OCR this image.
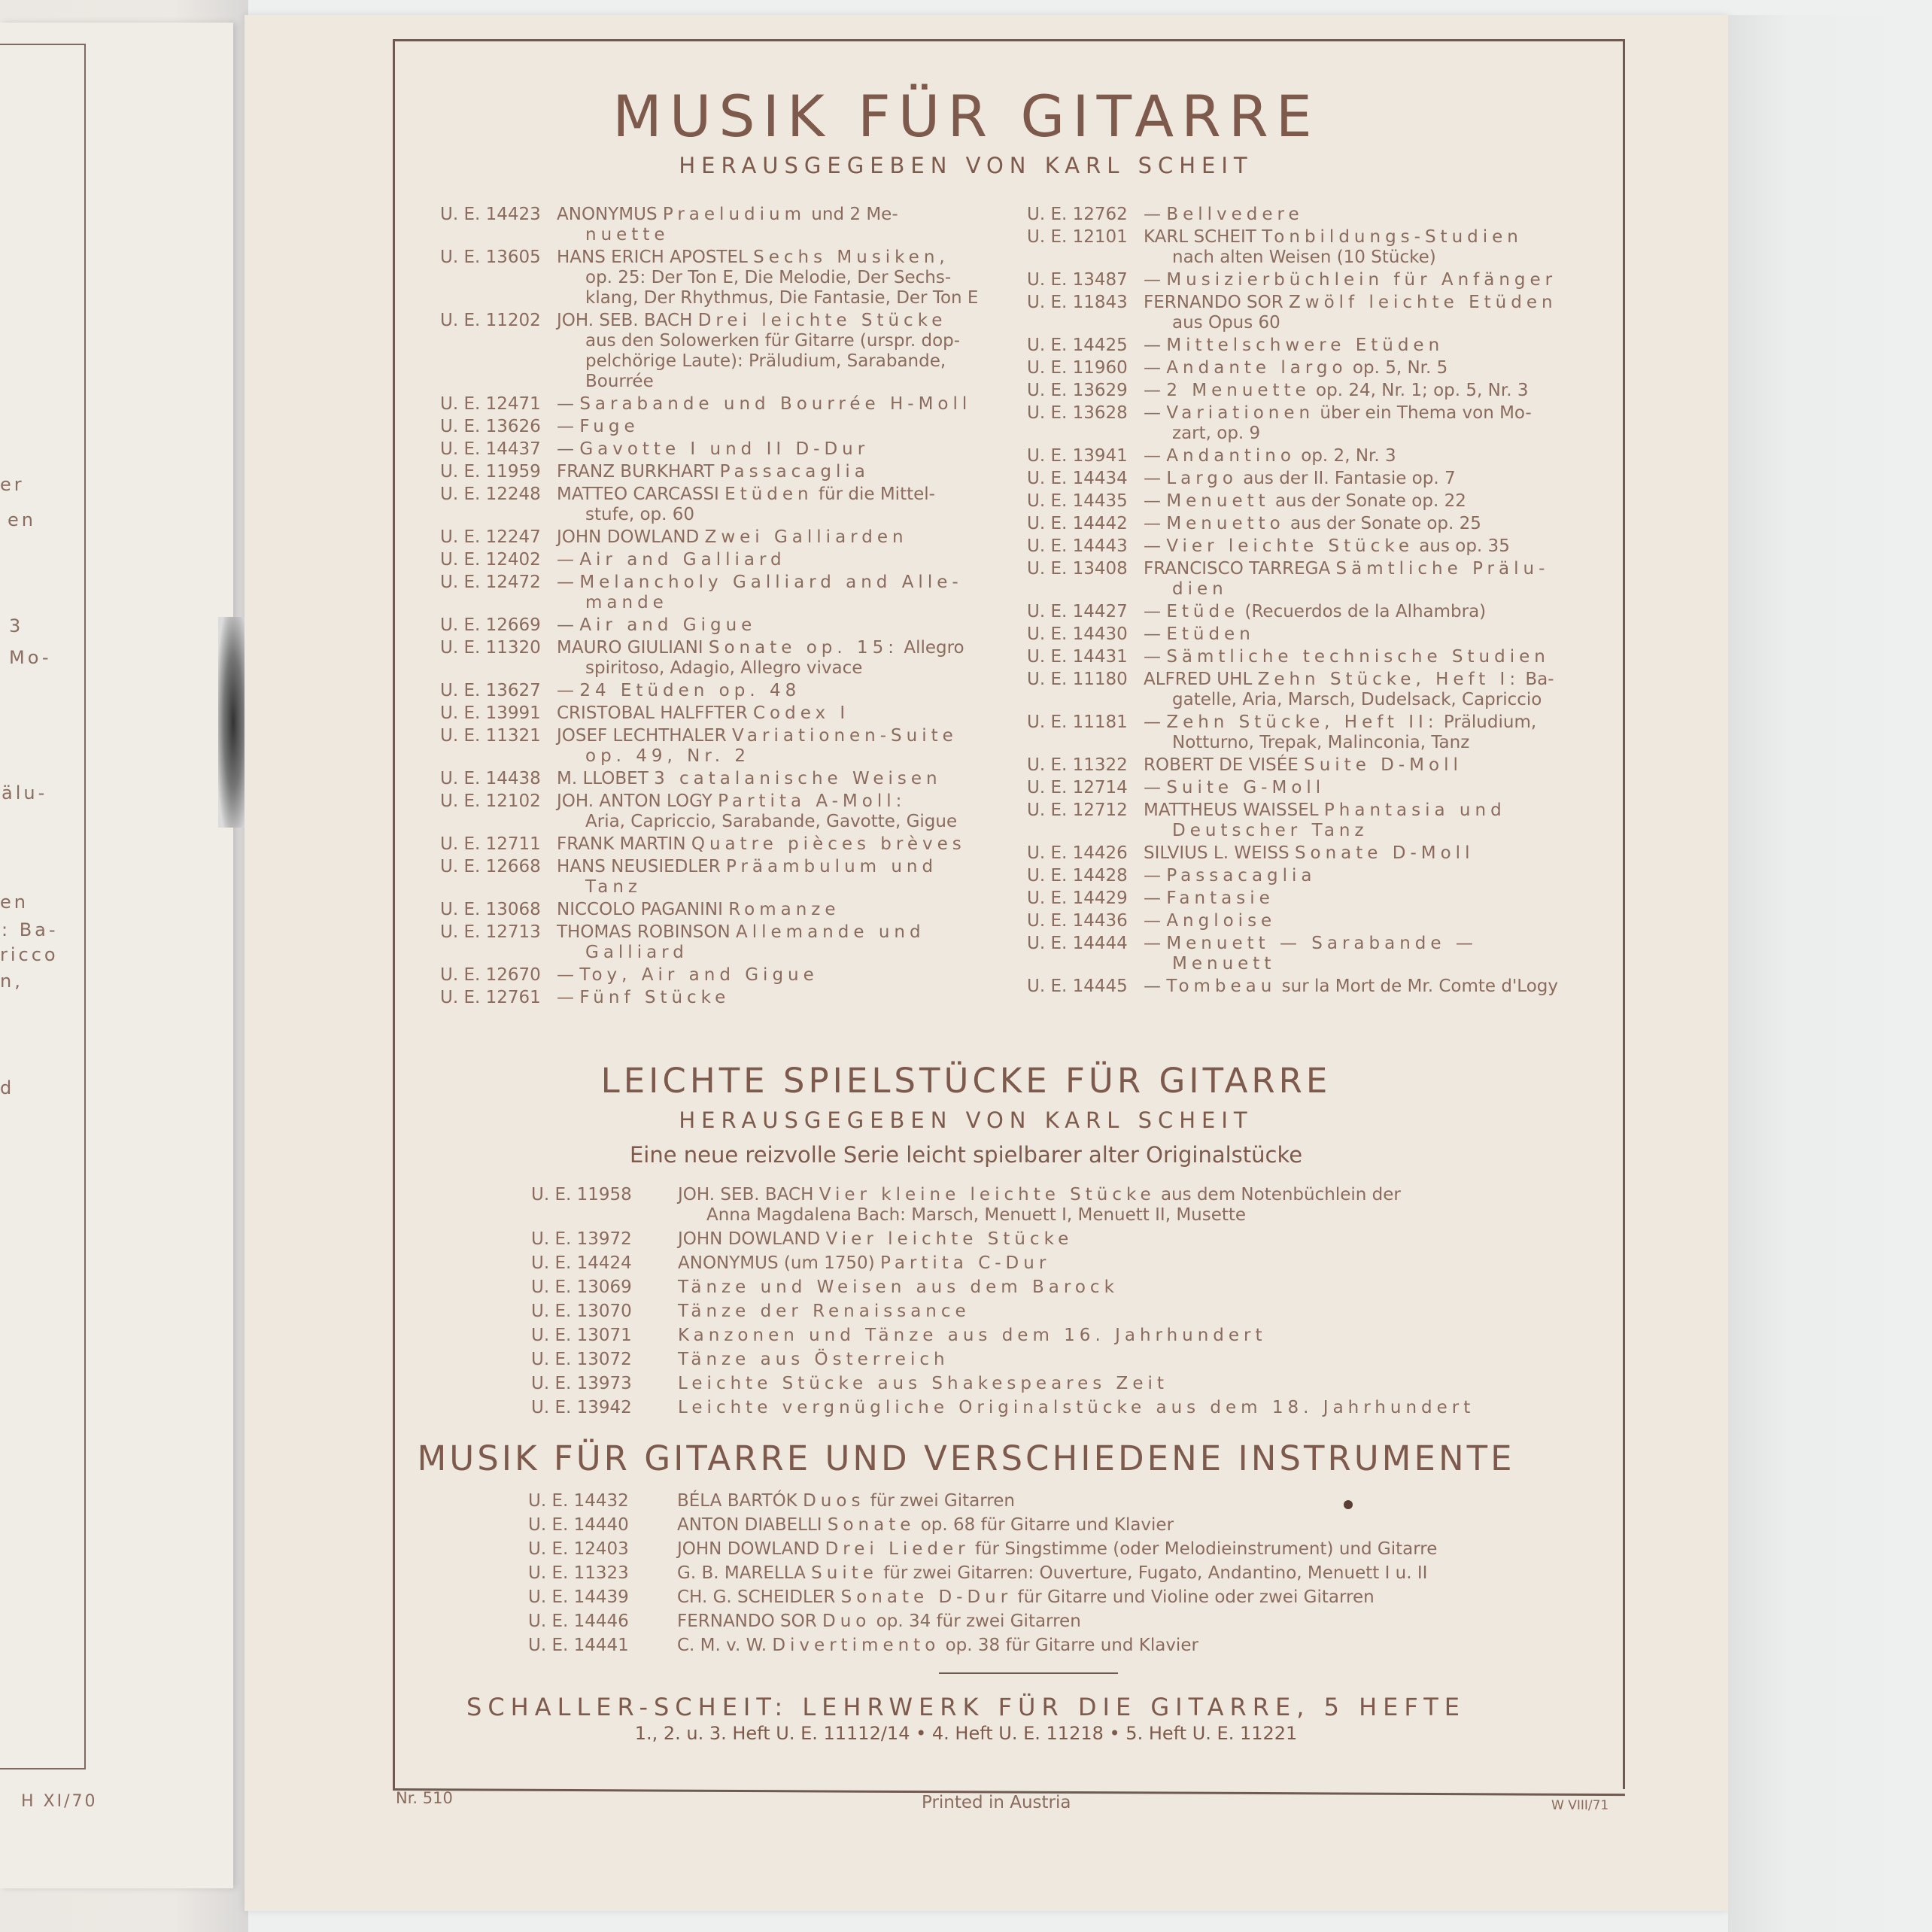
er
en
3
Mo-
älu-
en
: Ba-
ricco
n,
d
H XI/70
MUSIK FÜR GITARRE
HERAUSGEGEBEN VON KARL SCHEIT
U. E. 14423 ANONYMUS Praeludium und 2 Me-
nuette
U. E. 13605 HANS ERICH APOSTEL Sechs Musiken,
op. 25: Der Ton E, Die Melodie, Der Sechs- klang, Der Rhythmus, Die Fantasie, Der Ton E
U. E. 11202 JOH. SEB. BACH Drei leichte Stücke
aus den Solowerken für Gitarre (urspr. dop- pelchörige Laute): Präludium, Sarabande, Bourrée
U. E. 12471 — Sarabande und Bourrée H-Moll
U. E. 13626 — Fuge
U. E. 14437 — Gavotte I und II D-Dur
U. E. 11959 FRANZ BURKHART Passacaglia
U. E. 12248 MATTEO CARCASSI Etüden für die Mittel-
stufe, op. 60
U. E. 12247 JOHN DOWLAND Zwei Galliarden
U. E. 12402 — Air and Galliard
U. E. 12472 — Melancholy Galliard and Alle-
mande
U. E. 12669 — Air and Gigue
U. E. 11320 MAURO GIULIANI Sonate op. 15: Allegro
spiritoso, Adagio, Allegro vivace
U. E. 13627 — 24 Etüden op. 48
U. E. 13991 CRISTOBAL HALFFTER Codex I
U. E. 11321 JOSEF LECHTHALER Variationen-Suite
op. 49, Nr. 2
U. E. 14438 M. LLOBET 3 catalanische Weisen
U. E. 12102 JOH. ANTON LOGY Partita A-Moll:
Aria, Capriccio, Sarabande, Gavotte, Gigue
U. E. 12711 FRANK MARTIN Quatre pièces brèves
U. E. 12668 HANS NEUSIEDLER Präambulum und
Tanz
U. E. 13068 NICCOLO PAGANINI Romanze
U. E. 12713 THOMAS ROBINSON Allemande und
Galliard
U. E. 12670 — Toy, Air and Gigue
U. E. 12761 — Fünf Stücke
U. E. 12762 — Bellvedere
U. E. 12101 KARL SCHEIT Tonbildungs-Studien
nach alten Weisen (10 Stücke)
U. E. 13487 — Musizierbüchlein für Anfänger
U. E. 11843 FERNANDO SOR Zwölf leichte Etüden
aus Opus 60
U. E. 14425 — Mittelschwere Etüden
U. E. 11960 — Andante largo op. 5, Nr. 5
U. E. 13629 — 2 Menuette op. 24, Nr. 1; op. 5, Nr. 3
U. E. 13628 — Variationen über ein Thema von Mo-
zart, op. 9
U. E. 13941 — Andantino op. 2, Nr. 3
U. E. 14434 — Largo aus der II. Fantasie op. 7
U. E. 14435 — Menuett aus der Sonate op. 22
U. E. 14442 — Menuetto aus der Sonate op. 25
U. E. 14443 — Vier leichte Stücke aus op. 35
U. E. 13408 FRANCISCO TARREGA Sämtliche Prälu-
dien
U. E. 14427 — Etüde (Recuerdos de la Alhambra)
U. E. 14430 — Etüden
U. E. 14431 — Sämtliche technische Studien
U. E. 11180 ALFRED UHL Zehn Stücke, Heft I: Ba-
gatelle, Aria, Marsch, Dudelsack, Capriccio
U. E. 11181 — Zehn Stücke, Heft II: Präludium,
Notturno, Trepak, Malinconia, Tanz
U. E. 11322 ROBERT DE VISÉE Suite D-Moll
U. E. 12714 — Suite G-Moll
U. E. 12712 MATTHEUS WAISSEL Phantasia und
Deutscher Tanz
U. E. 14426 SILVIUS L. WEISS Sonate D-Moll
U. E. 14428 — Passacaglia
U. E. 14429 — Fantasie
U. E. 14436 — Angloise
U. E. 14444 — Menuett — Sarabande —
Menuett
U. E. 14445 — Tombeau sur la Mort de Mr. Comte d'Logy
LEICHTE SPIELSTÜCKE FÜR GITARRE
HERAUSGEGEBEN VON KARL SCHEIT
Eine neue reizvolle Serie leicht spielbarer alter Originalstücke
U. E. 11958	JOH. SEB. BACH Vier kleine leichte Stücke aus dem Notenbüchlein der
Anna Magdalena Bach: Marsch, Menuett I, Menuett II, Musette
U. E. 13972	JOHN DOWLAND Vier leichte Stücke
U. E. 14424	ANONYMUS (um 1750) Partita C-Dur
U. E. 13069	Tänze und Weisen aus dem Barock
U. E. 13070	Tänze der Renaissance
U. E. 13071	Kanzonen und Tänze aus dem 16. Jahrhundert
U. E. 13072	Tänze aus Österreich
U. E. 13973	Leichte Stücke aus Shakespeares Zeit
U. E. 13942	Leichte vergnügliche Originalstücke aus dem 18. Jahrhundert
MUSIK FÜR GITARRE UND VERSCHIEDENE INSTRUMENTE
U. E. 14432	BÉLA BARTÓK Duos für zwei Gitarren
U. E. 14440	ANTON DIABELLI Sonate op. 68 für Gitarre und Klavier
U. E. 12403	JOHN DOWLAND Drei Lieder für Singstimme (oder Melodieinstrument) und Gitarre
U. E. 11323	G. B. MARELLA Suite für zwei Gitarren: Ouverture, Fugato, Andantino, Menuett I u. II
U. E. 14439	CH. G. SCHEIDLER Sonate D-Dur für Gitarre und Violine oder zwei Gitarren
U. E. 14446	FERNANDO SOR Duo op. 34 für zwei Gitarren
U. E. 14441	C. M. v. W. Divertimento op. 38 für Gitarre und Klavier
SCHALLER-SCHEIT: LEHRWERK FÜR DIE GITARRE, 5 HEFTE
1., 2. u. 3. Heft U. E. 11112/14 • 4. Heft U. E. 11218 • 5. Heft U. E. 11221
Nr. 510	Printed in Austria	W VIII/71
